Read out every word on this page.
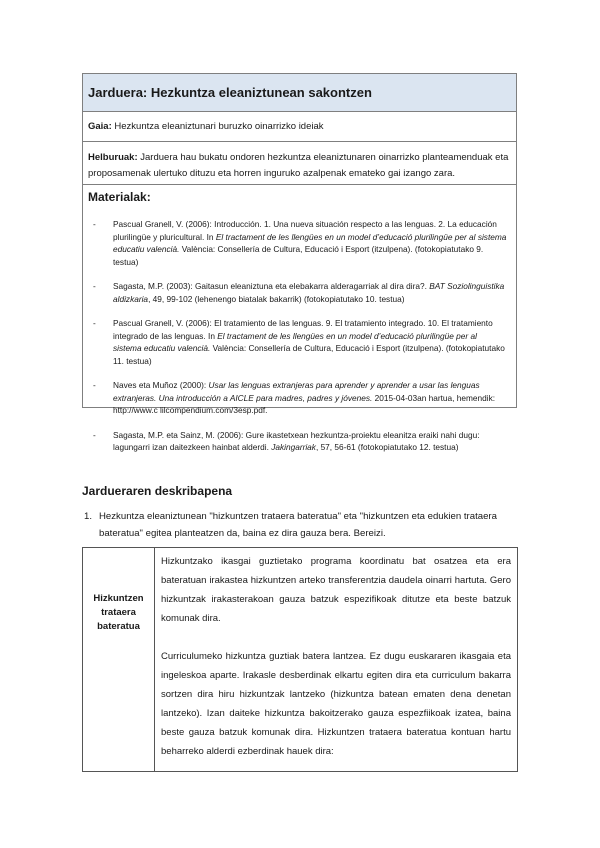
Jarduera: Hezkuntza eleaniztunean sakontzen
Gaia: Hezkuntza eleaniztunari buruzko oinarrizko ideiak
Helburuak: Jarduera hau bukatu ondoren hezkuntza eleaniztunaren oinarrizko planteamenduak eta proposamenak ulertuko dituzu eta horren inguruko azalpenak emateko gai izango zara.
Materialak:
- Pascual Granell, V. (2006): Introducción. 1. Una nueva situación respecto a las lenguas. 2. La educación plurilingüe y pluricultural. In El tractament de les llengües en un model d’educació plurilingüe per al sistema educatiu valencià. València: Consellería de Cultura, Educació i Esport (itzulpena). (fotokopiatutako 9. testua)
- Sagasta, M.P. (2003): Gaitasun eleaniztuna eta elebakarra alderagarriak al dira dira?. BAT Soziolinguistika aldizkaria, 49, 99-102 (lehenengo biatalak bakarrik) (fotokopiatutako 10. testua)
- Pascual Granell, V. (2006): El tratamiento de las lenguas. 9. El tratamiento integrado. 10. El tratamiento integrado de las lenguas. In El tractament de les llengües en un model d’educació plurilingüe per al sistema educatiu valencià. València: Consellería de Cultura, Educació i Esport (itzulpena). (fotokopiatutako 11. testua)
- Naves eta Muñoz (2000): Usar las lenguas extranjeras para aprender y aprender a usar las lenguas extranjeras. Una introducción a AICLE para madres, padres y jóvenes. 2015-04-03an hartua, hemendik: http://www.c lilcompendium.com/3esp.pdf.
- Sagasta, M.P. eta Sainz, M. (2006): Gure ikastetxean hezkuntza-proiektu eleanitza eraiki nahi dugu: lagungarri izan daitezkeen hainbat alderdi. Jakingarriak, 57, 56-61 (fotokopiatutako 12. testua)
Jardueraren deskribapena
1. Hezkuntza eleaniztunean "hizkuntzen trataera bateratua" eta "hizkuntzen eta edukien trataera bateratua" egitea planteatzen da, baina ez dira gauza bera. Bereizi.
Hizkuntzen trataera bateratua

Hizkuntzako ikasgai guztietako programa koordinatu bat osatzea eta era bateratuan irakastea hizkuntzen arteko transferentzia daudela oinarri hartuta. Gero hizkuntzak irakasterakoan gauza batzuk espezifikoak ditutze eta beste batzuk komunak dira.

Curriculumeko hizkuntza guztiak batera lantzea. Ez dugu euskararen ikasgaia eta ingeleskoa aparte. Irakasle desberdinak elkartu egiten dira eta curriculum bakarra sortzen dira hiru hizkuntzak lantzeko (hizkuntza batean ematen dena denetan lantzeko). Izan daiteke hizkuntza bakoitzerako gauza espezfiikoak izatea, baina beste gauza batzuk komunak dira. Hizkuntzen trataera bateratua kontuan hartu beharreko alderdi ezberdinak hauek dira:
